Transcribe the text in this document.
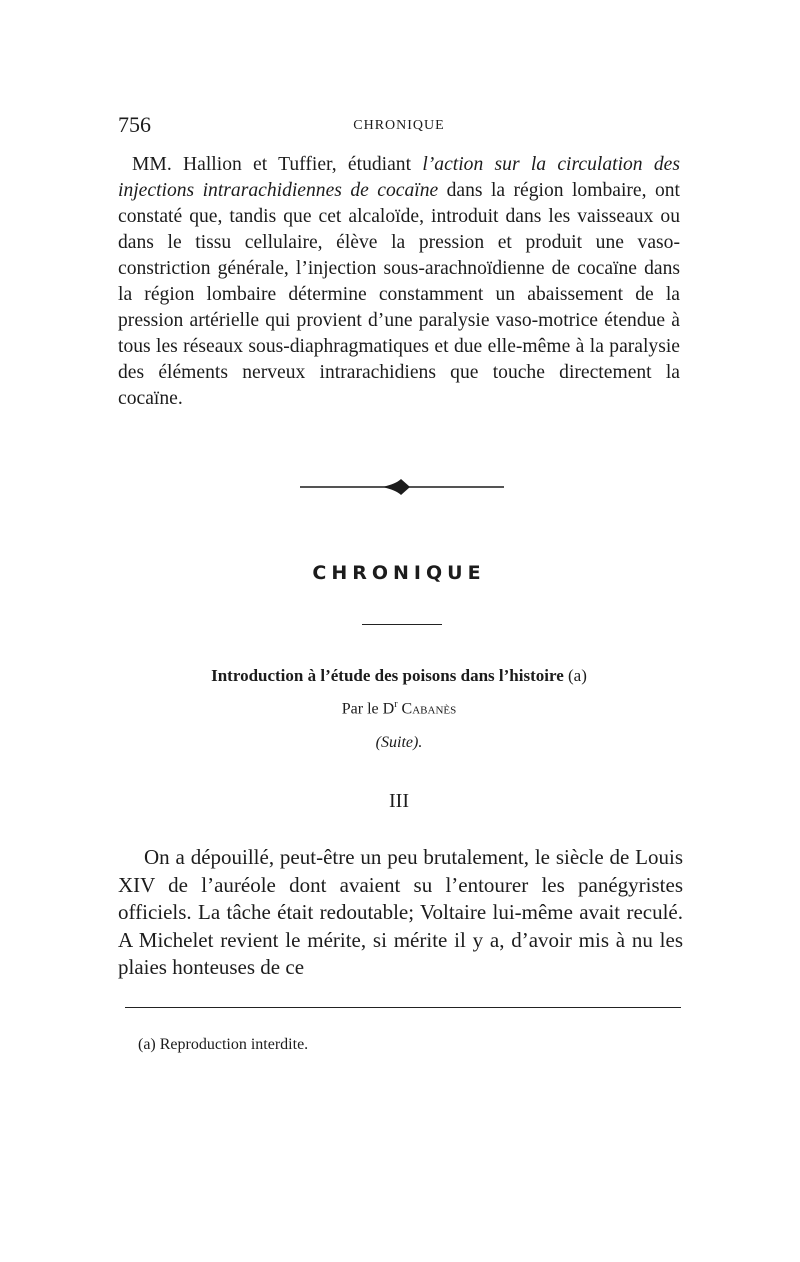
756	CHRONIQUE

MM. Hallion et Tuffier, étudiant l’action sur la circulation des injections intrarachidiennes de cocaïne dans la région lombaire, ont constaté que, tandis que cet alcaloïde, introduit dans les vaisseaux ou dans le tissu cellulaire, élève la pression et produit une vaso-constriction générale, l’injection sous-arachnoïdienne de cocaïne dans la région lombaire détermine constamment un abaissement de la pression artérielle qui provient d’une paralysie vaso-motrice étendue à tous les réseaux sous-diaphragmatiques et due elle-même à la paralysie des éléments nerveux intrarachidiens que touche directement la cocaïne.

CHRONIQUE
Introduction à l’étude des poisons dans l’histoire (a)
Par le $D^r$ Cabanès
(Suite).
III

On a dépouillé, peut-être un peu brutalement, le siècle de Louis XIV de l’auréole dont avaient su l’entourer les panégyristes officiels. La tâche était redoutable; Voltaire lui-même avait reculé. A Michelet revient le mérite, si mérite il y a, d’avoir mis à nu les plaies honteuses de ce

(a) Reproduction interdite.
